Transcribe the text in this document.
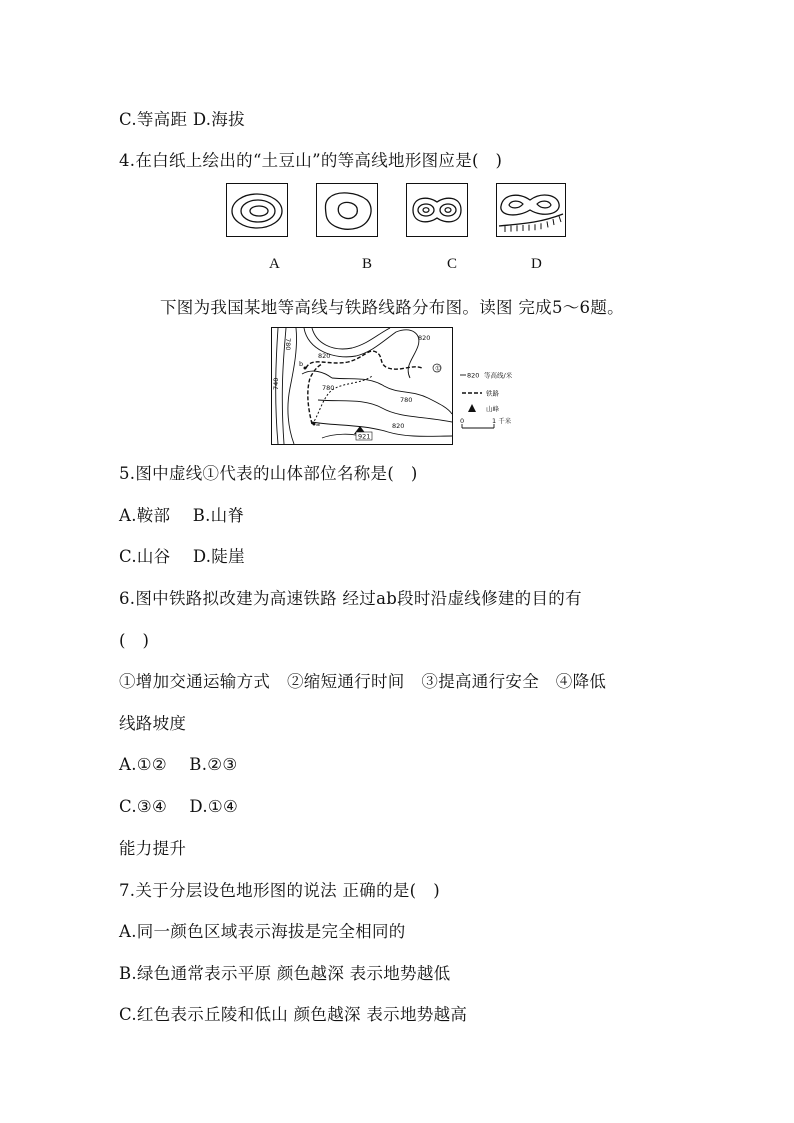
C.等高距 D.海拔
4.在白纸上绘出的“土豆山”的等高线地形图应是(　)
A	B	C	D
下图为我国某地等高线与铁路线路分布图。读图 完成5～6题。
921
①
a
b
820
780
740
780
820
780
820
820 等高线/米
铁路
山峰
0	1 千米
5.图中虚线①代表的山体部位名称是(　)
A.鞍部　 B.山脊
C.山谷　 D.陡崖
6.图中铁路拟改建为高速铁路 经过ab段时沿虚线修建的目的有
(　)
①增加交通运输方式　②缩短通行时间　③提高通行安全　④降低
线路坡度
A.①②　 B.②③
C.③④　 D.①④
能力提升
7.关于分层设色地形图的说法 正确的是(　)
A.同一颜色区域表示海拔是完全相同的
B.绿色通常表示平原 颜色越深 表示地势越低
C.红色表示丘陵和低山 颜色越深 表示地势越高
